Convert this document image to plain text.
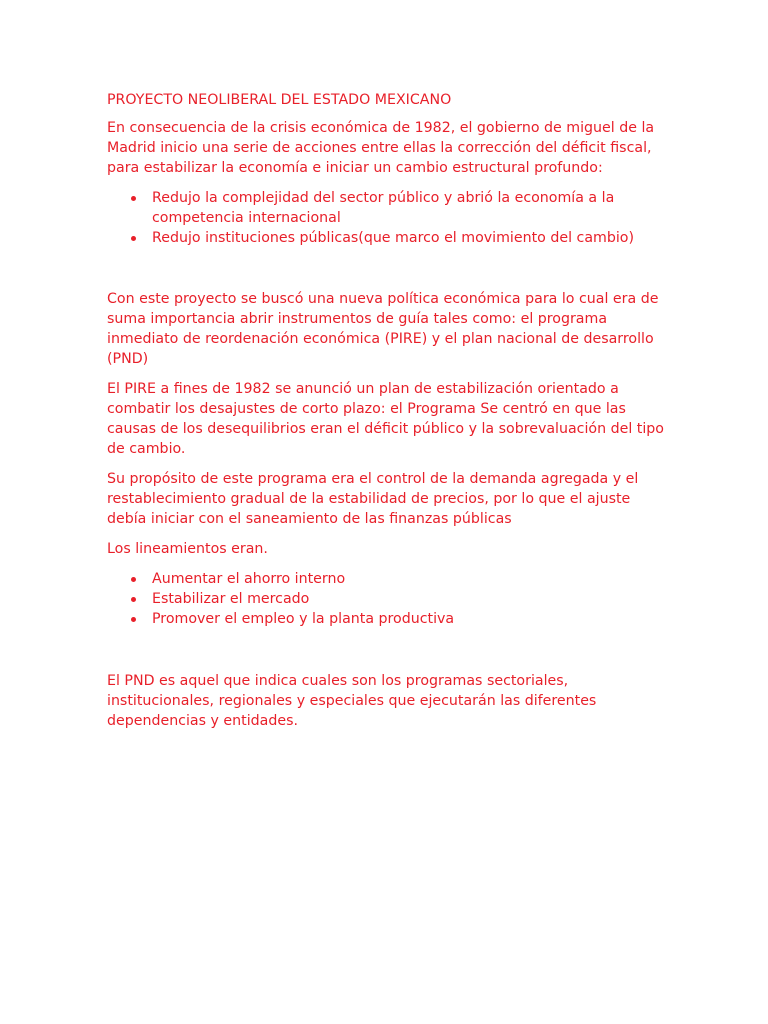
PROYECTO NEOLIBERAL DEL ESTADO MEXICANO

En consecuencia de la crisis económica de 1982, el gobierno de miguel de la Madrid inicio una serie de acciones entre ellas la corrección del déficit fiscal, para estabilizar la economía e iniciar un cambio estructural profundo:

Redujo la complejidad del sector público y abrió la economía a la competencia internacional
Redujo instituciones públicas(que marco el movimiento del cambio)

Con este proyecto se buscó una nueva política económica para lo cual era de suma importancia abrir instrumentos de guía tales como: el programa inmediato de reordenación económica (PIRE) y el plan nacional de desarrollo (PND)

El PIRE a fines de 1982 se anunció un plan de estabilización orientado a combatir los desajustes de corto plazo: el Programa Se centró en que las causas de los desequilibrios eran el déficit público y la sobrevaluación del tipo de cambio.

Su propósito de este programa era el control de la demanda agregada y el restablecimiento gradual de la estabilidad de precios, por lo que el ajuste debía iniciar con el saneamiento de las finanzas públicas

Los lineamientos eran.

Aumentar el ahorro interno
Estabilizar el mercado
Promover el empleo y la planta productiva

El PND es aquel que indica cuales son los programas sectoriales, institucionales, regionales y especiales que ejecutarán las diferentes dependencias y entidades.
